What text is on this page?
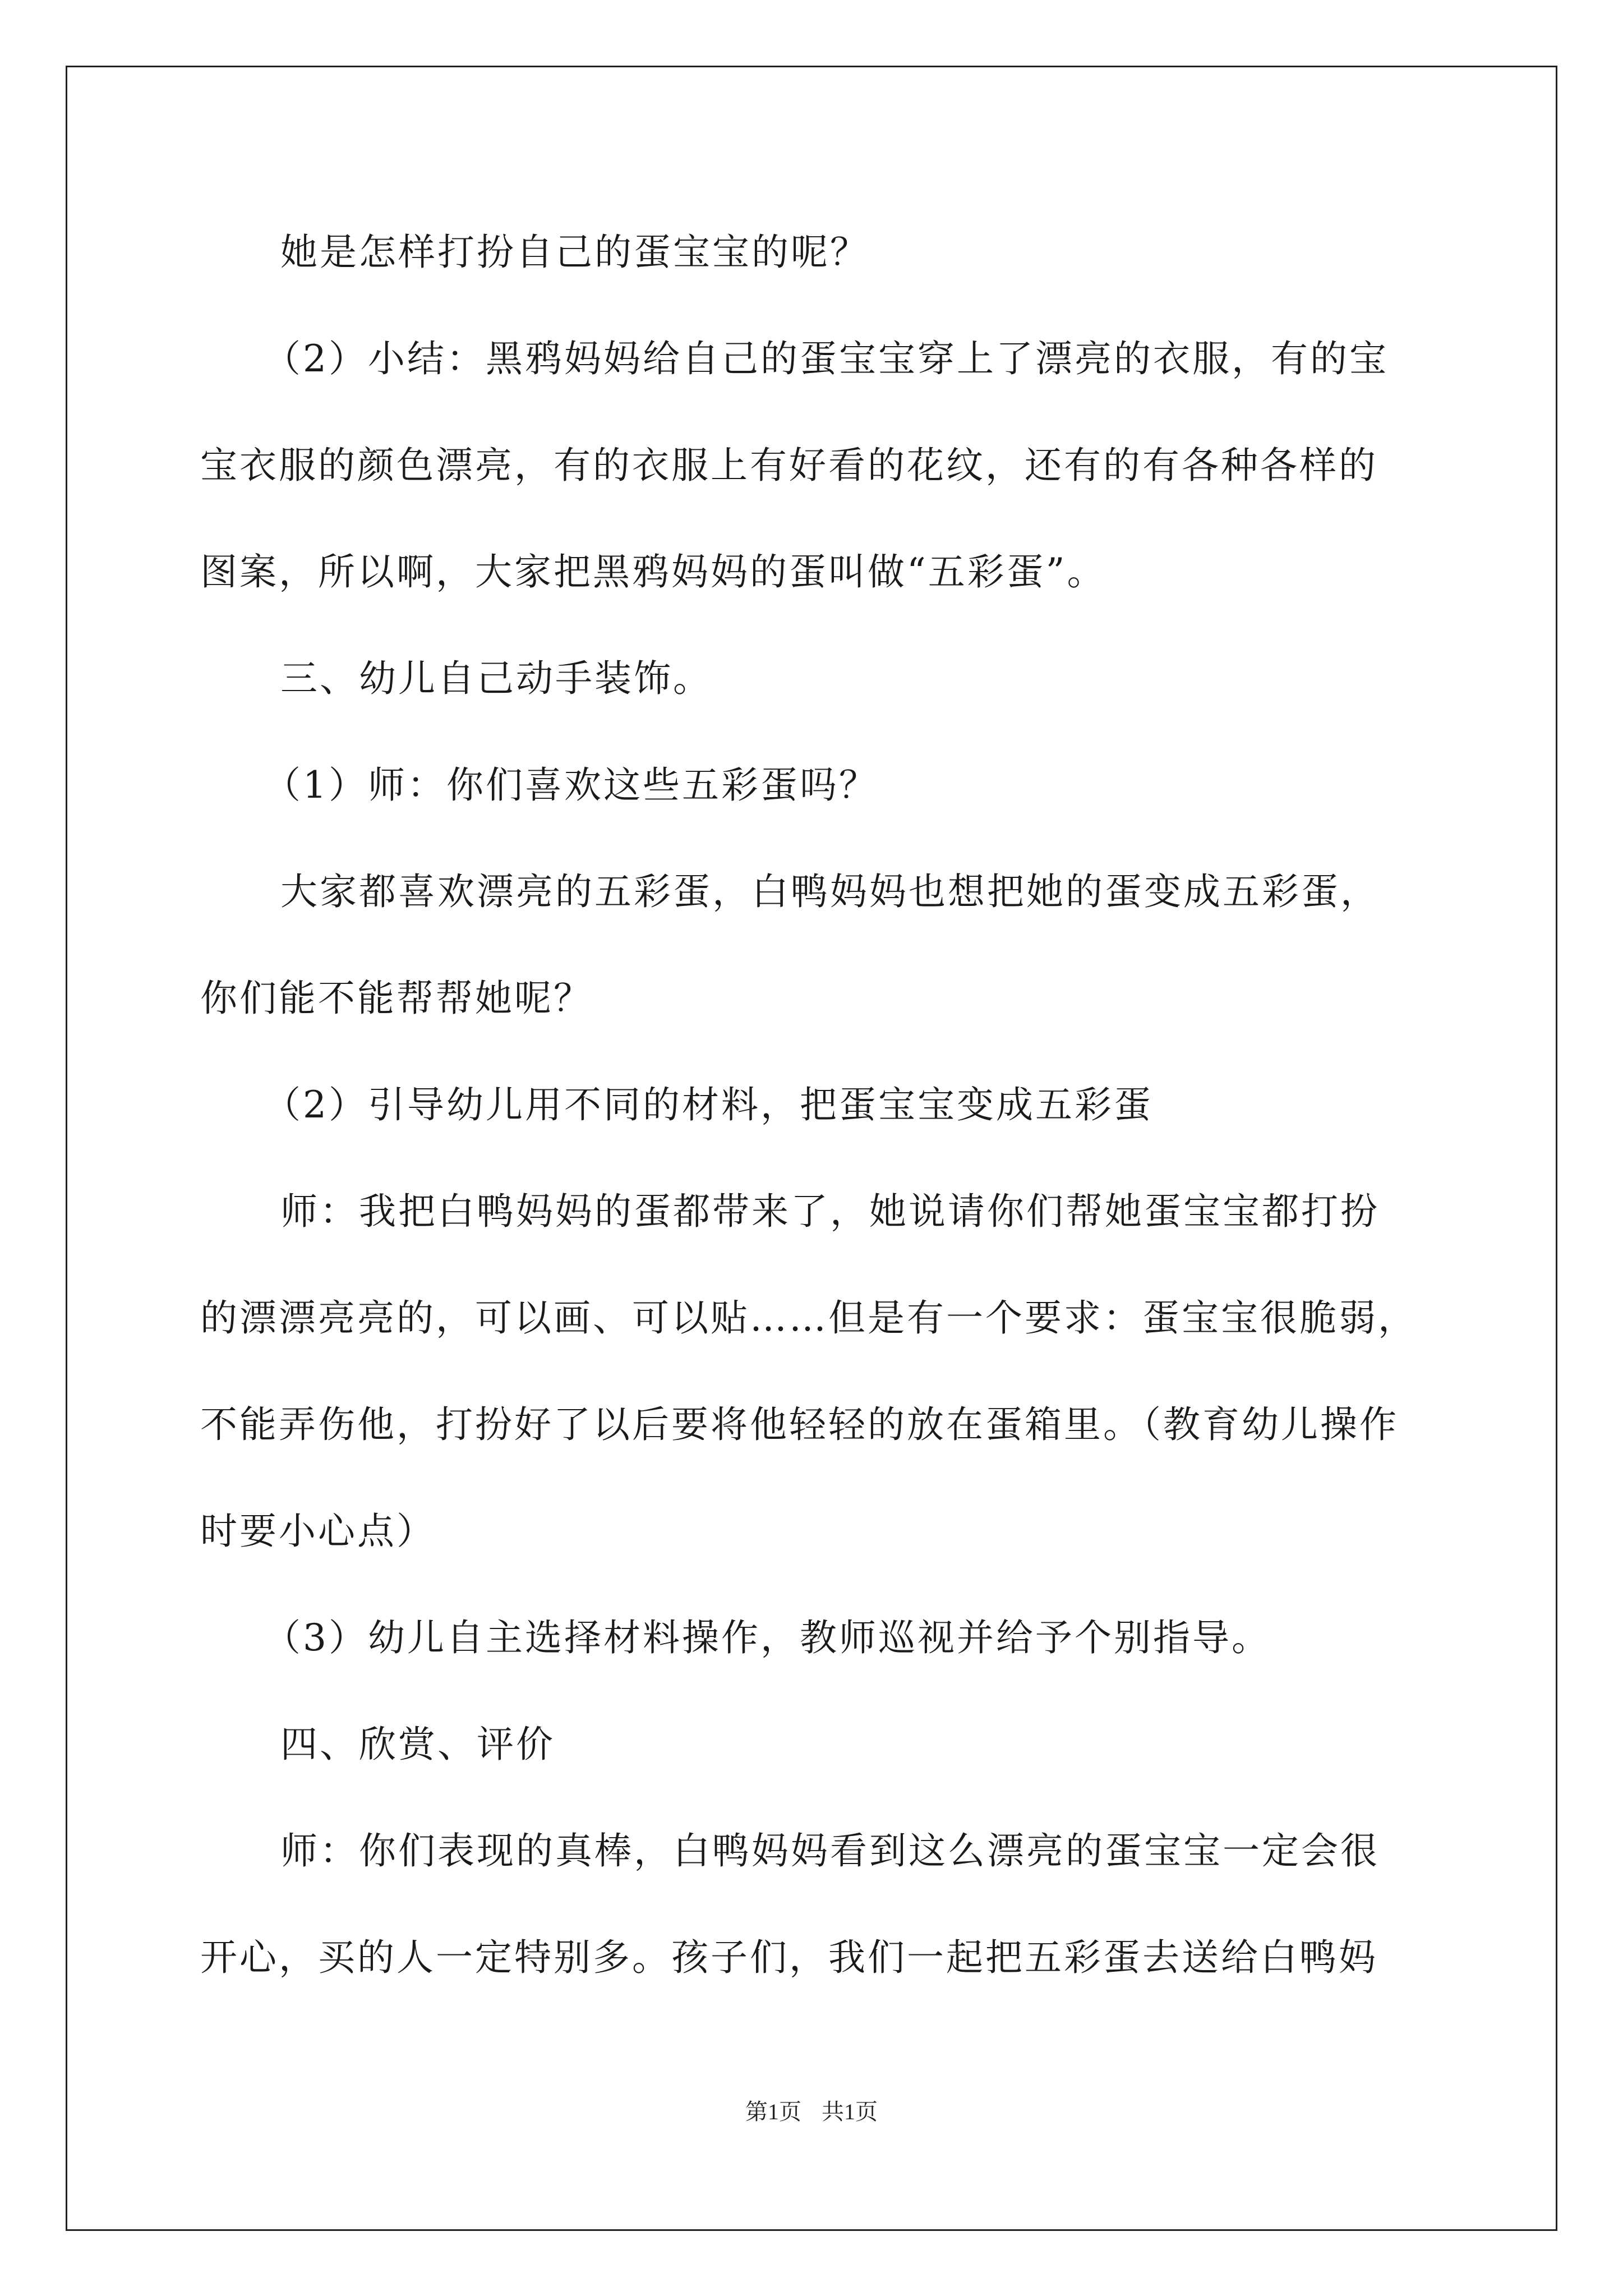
她是怎样打扮自己的蛋宝宝的呢？
（2）小结：黑鸦妈妈给自己的蛋宝宝穿上了漂亮的衣服，有的宝
宝衣服的颜色漂亮，有的衣服上有好看的花纹，还有的有各种各样的
图案，所以啊，大家把黑鸦妈妈的蛋叫做“五彩蛋”。
三、幼儿自己动手装饰。
（1）师：你们喜欢这些五彩蛋吗？
大家都喜欢漂亮的五彩蛋，白鸭妈妈也想把她的蛋变成五彩蛋，
你们能不能帮帮她呢？
（2）引导幼儿用不同的材料，把蛋宝宝变成五彩蛋
师：我把白鸭妈妈的蛋都带来了，她说请你们帮她蛋宝宝都打扮
的漂漂亮亮的，可以画、可以贴……但是有一个要求：蛋宝宝很脆弱，
不能弄伤他，打扮好了以后要将他轻轻的放在蛋箱里。（教育幼儿操作
时要小心点）
（3）幼儿自主选择材料操作，教师巡视并给予个别指导。
四、欣赏、评价
师：你们表现的真棒，白鸭妈妈看到这么漂亮的蛋宝宝一定会很
开心，买的人一定特别多。孩子们，我们一起把五彩蛋去送给白鸭妈
第1页 共1页
